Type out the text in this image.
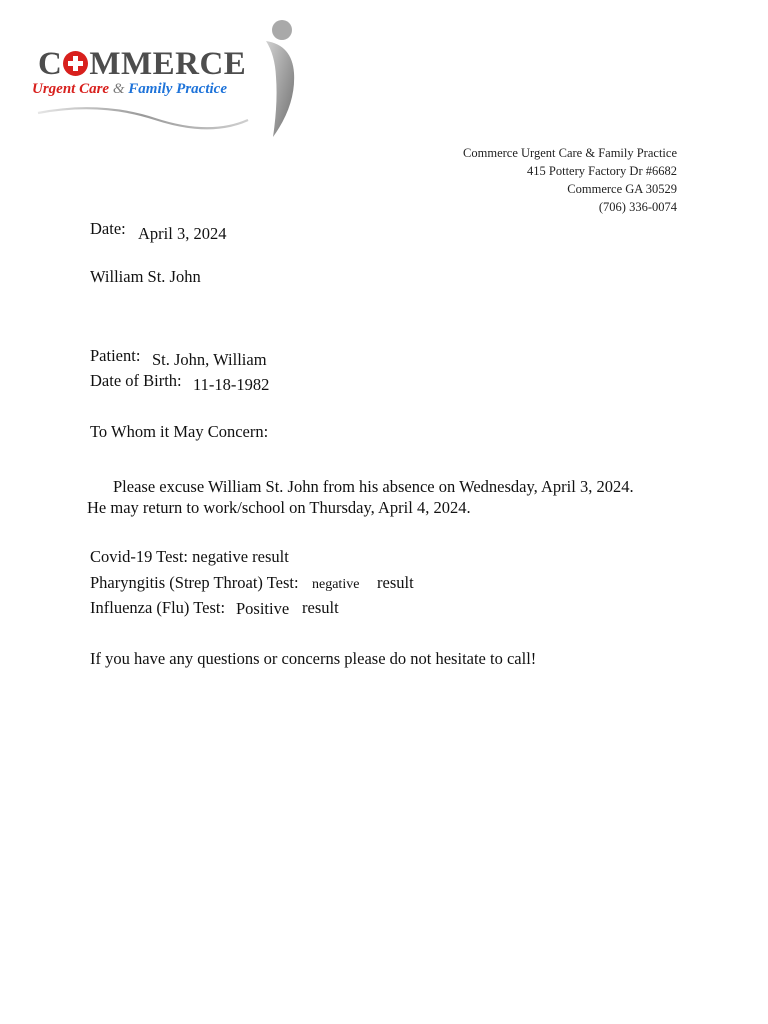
C MMERCE
Urgent Care & Family Practice
Commerce Urgent Care & Family Practice
415 Pottery Factory Dr #6682
Commerce GA 30529
(706) 336-0074
Date: April 3, 2024
William St. John
Patient: St. John, William
Date of Birth: 11-18-1982
To Whom it May Concern:
Please excuse William St. John from his absence on Wednesday, April 3, 2024.
He may return to work/school on Thursday, April 4, 2024.
Covid-19 Test: negative result
Pharyngitis (Strep Throat) Test: negative result
Influenza (Flu) Test: Positive result
If you have any questions or concerns please do not hesitate to call!
